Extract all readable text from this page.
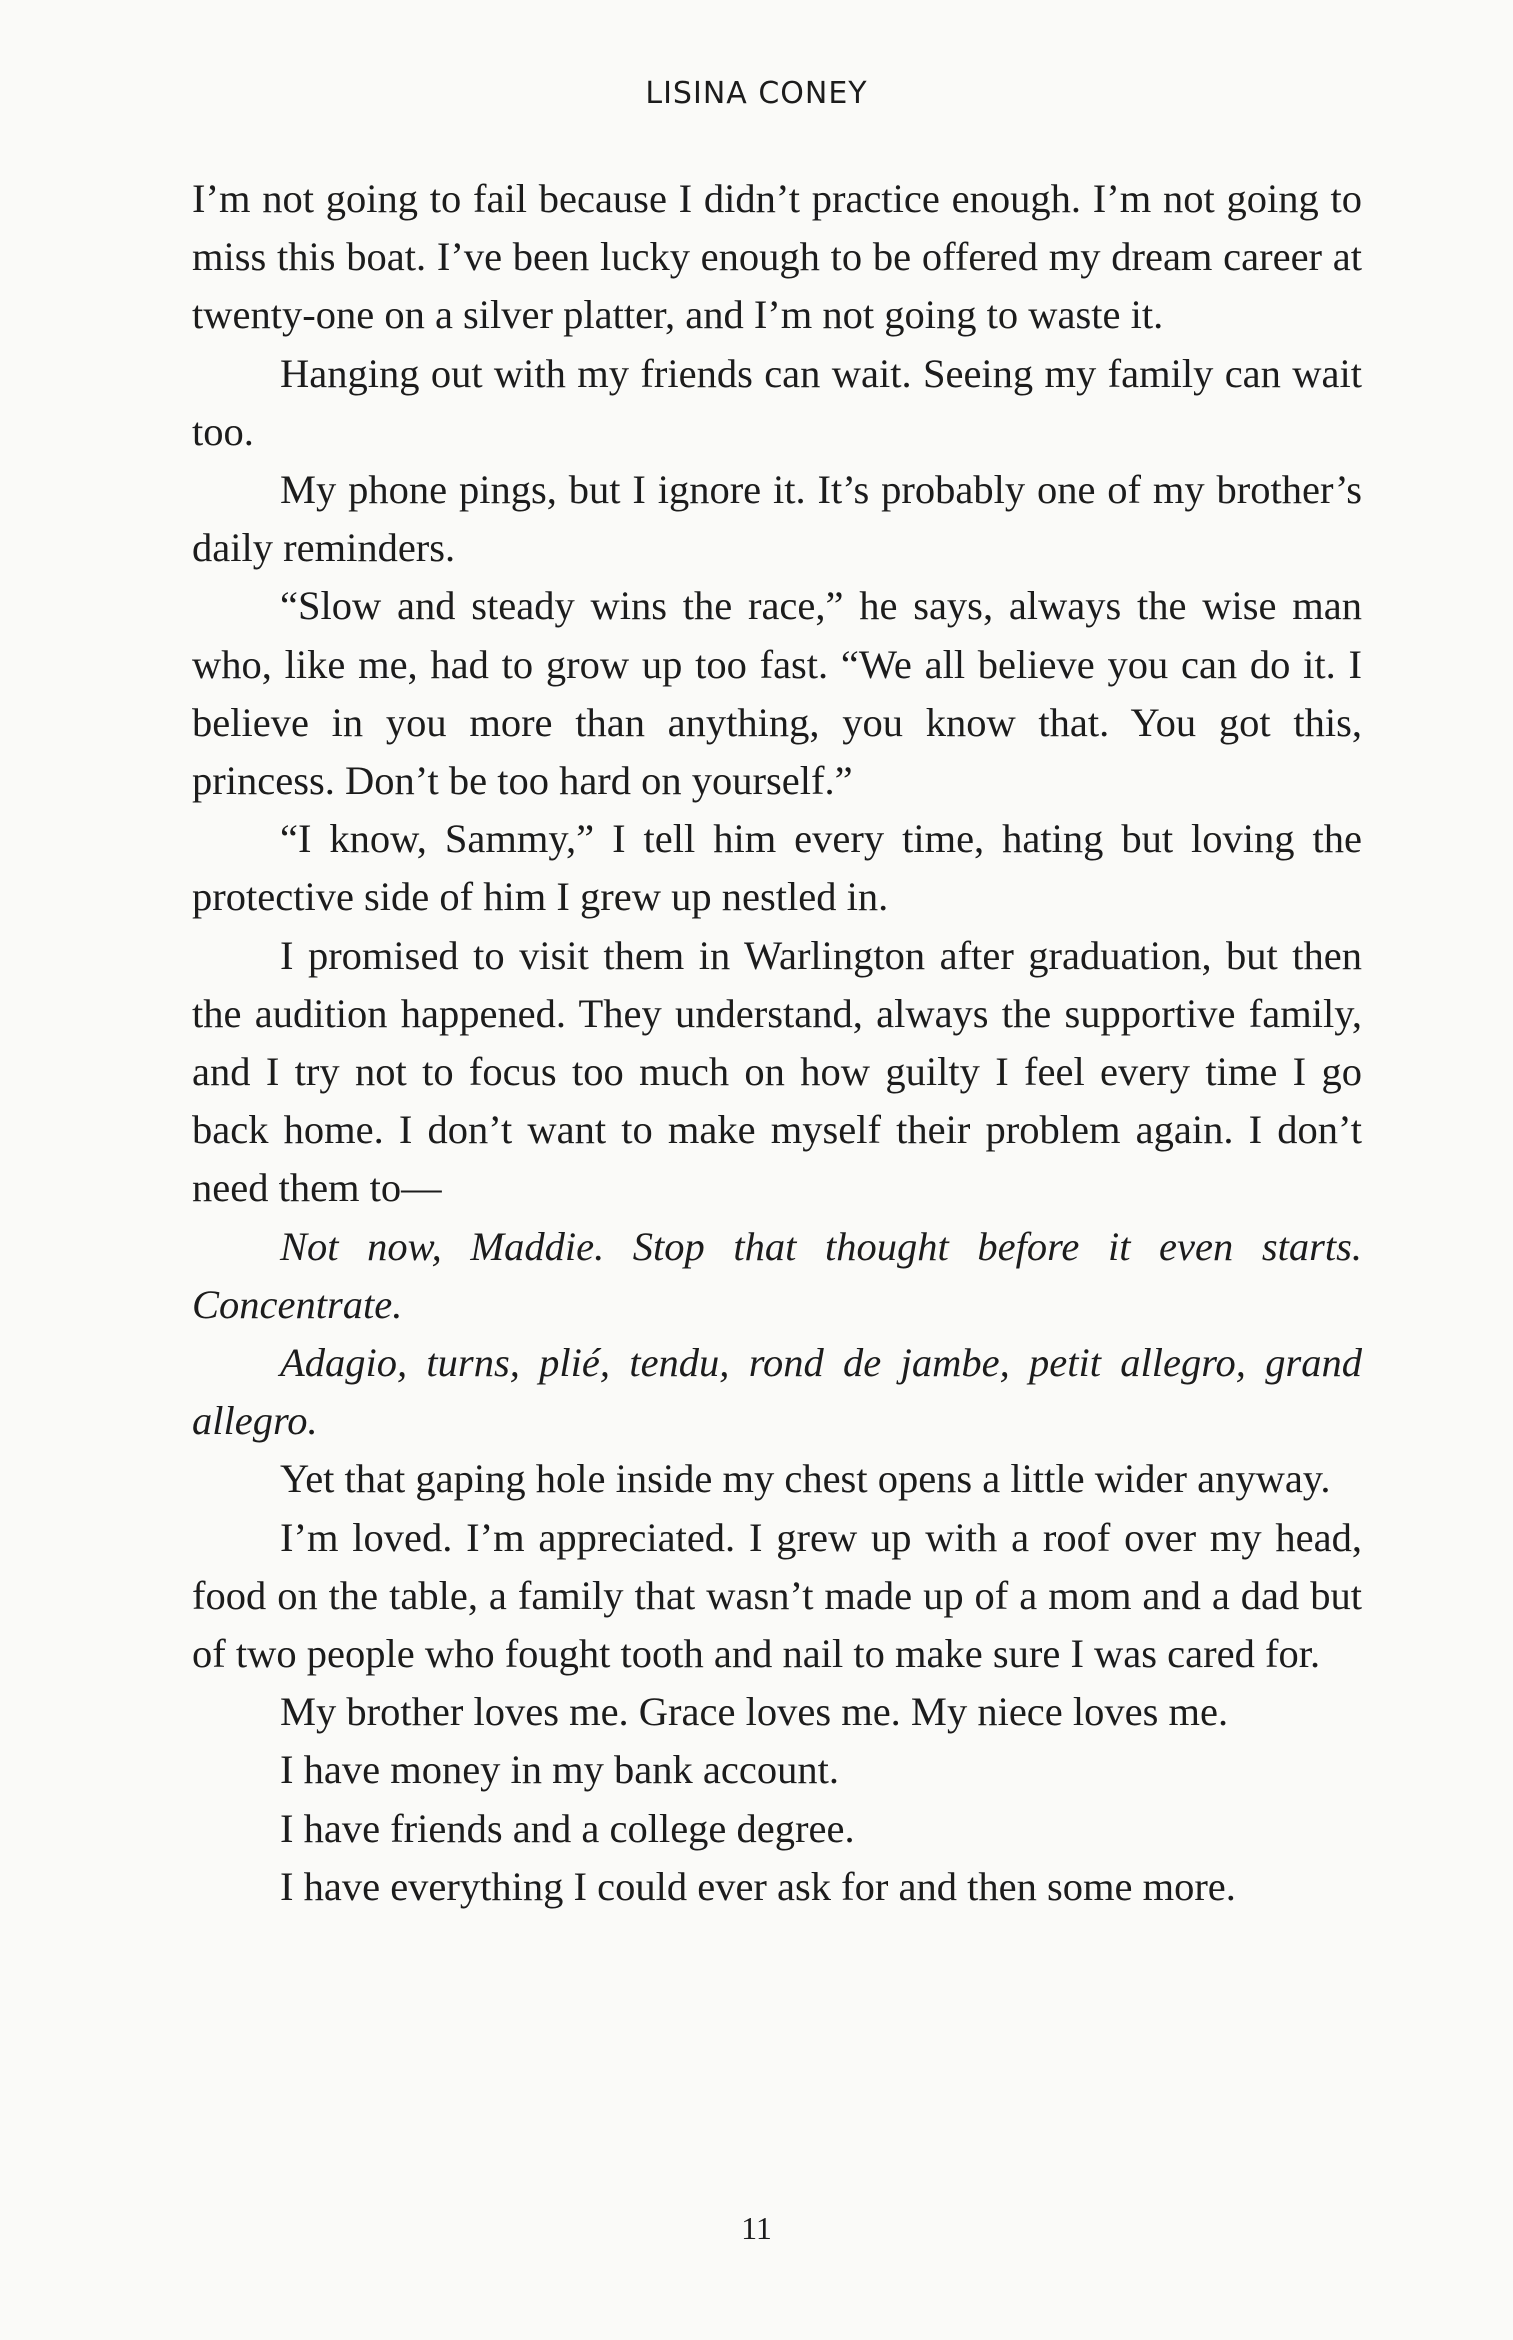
LISINA CONEY

I’m not going to fail because I didn’t practice enough. I’m not going to miss this boat. I’ve been lucky enough to be offered my dream career at twenty-one on a silver platter, and I’m not going to waste it.

Hanging out with my friends can wait. Seeing my family can wait too.

My phone pings, but I ignore it. It’s probably one of my brother’s daily reminders.

“Slow and steady wins the race,” he says, always the wise man who, like me, had to grow up too fast. “We all believe you can do it. I believe in you more than anything, you know that. You got this, princess. Don’t be too hard on yourself.”

“I know, Sammy,” I tell him every time, hating but loving the protective side of him I grew up nestled in.

I promised to visit them in Warlington after graduation, but then the audition happened. They understand, always the supportive family, and I try not to focus too much on how guilty I feel every time I go back home. I don’t want to make myself their problem again. I don’t need them to—

Not now, Maddie. Stop that thought before it even starts. Concentrate.

Adagio, turns, plié, tendu, rond de jambe, petit allegro, grand allegro.

Yet that gaping hole inside my chest opens a little wider anyway.

I’m loved. I’m appreciated. I grew up with a roof over my head, food on the table, a family that wasn’t made up of a mom and a dad but of two people who fought tooth and nail to make sure I was cared for.

My brother loves me. Grace loves me. My niece loves me.

I have money in my bank account.

I have friends and a college degree.

I have everything I could ever ask for and then some more.

11
